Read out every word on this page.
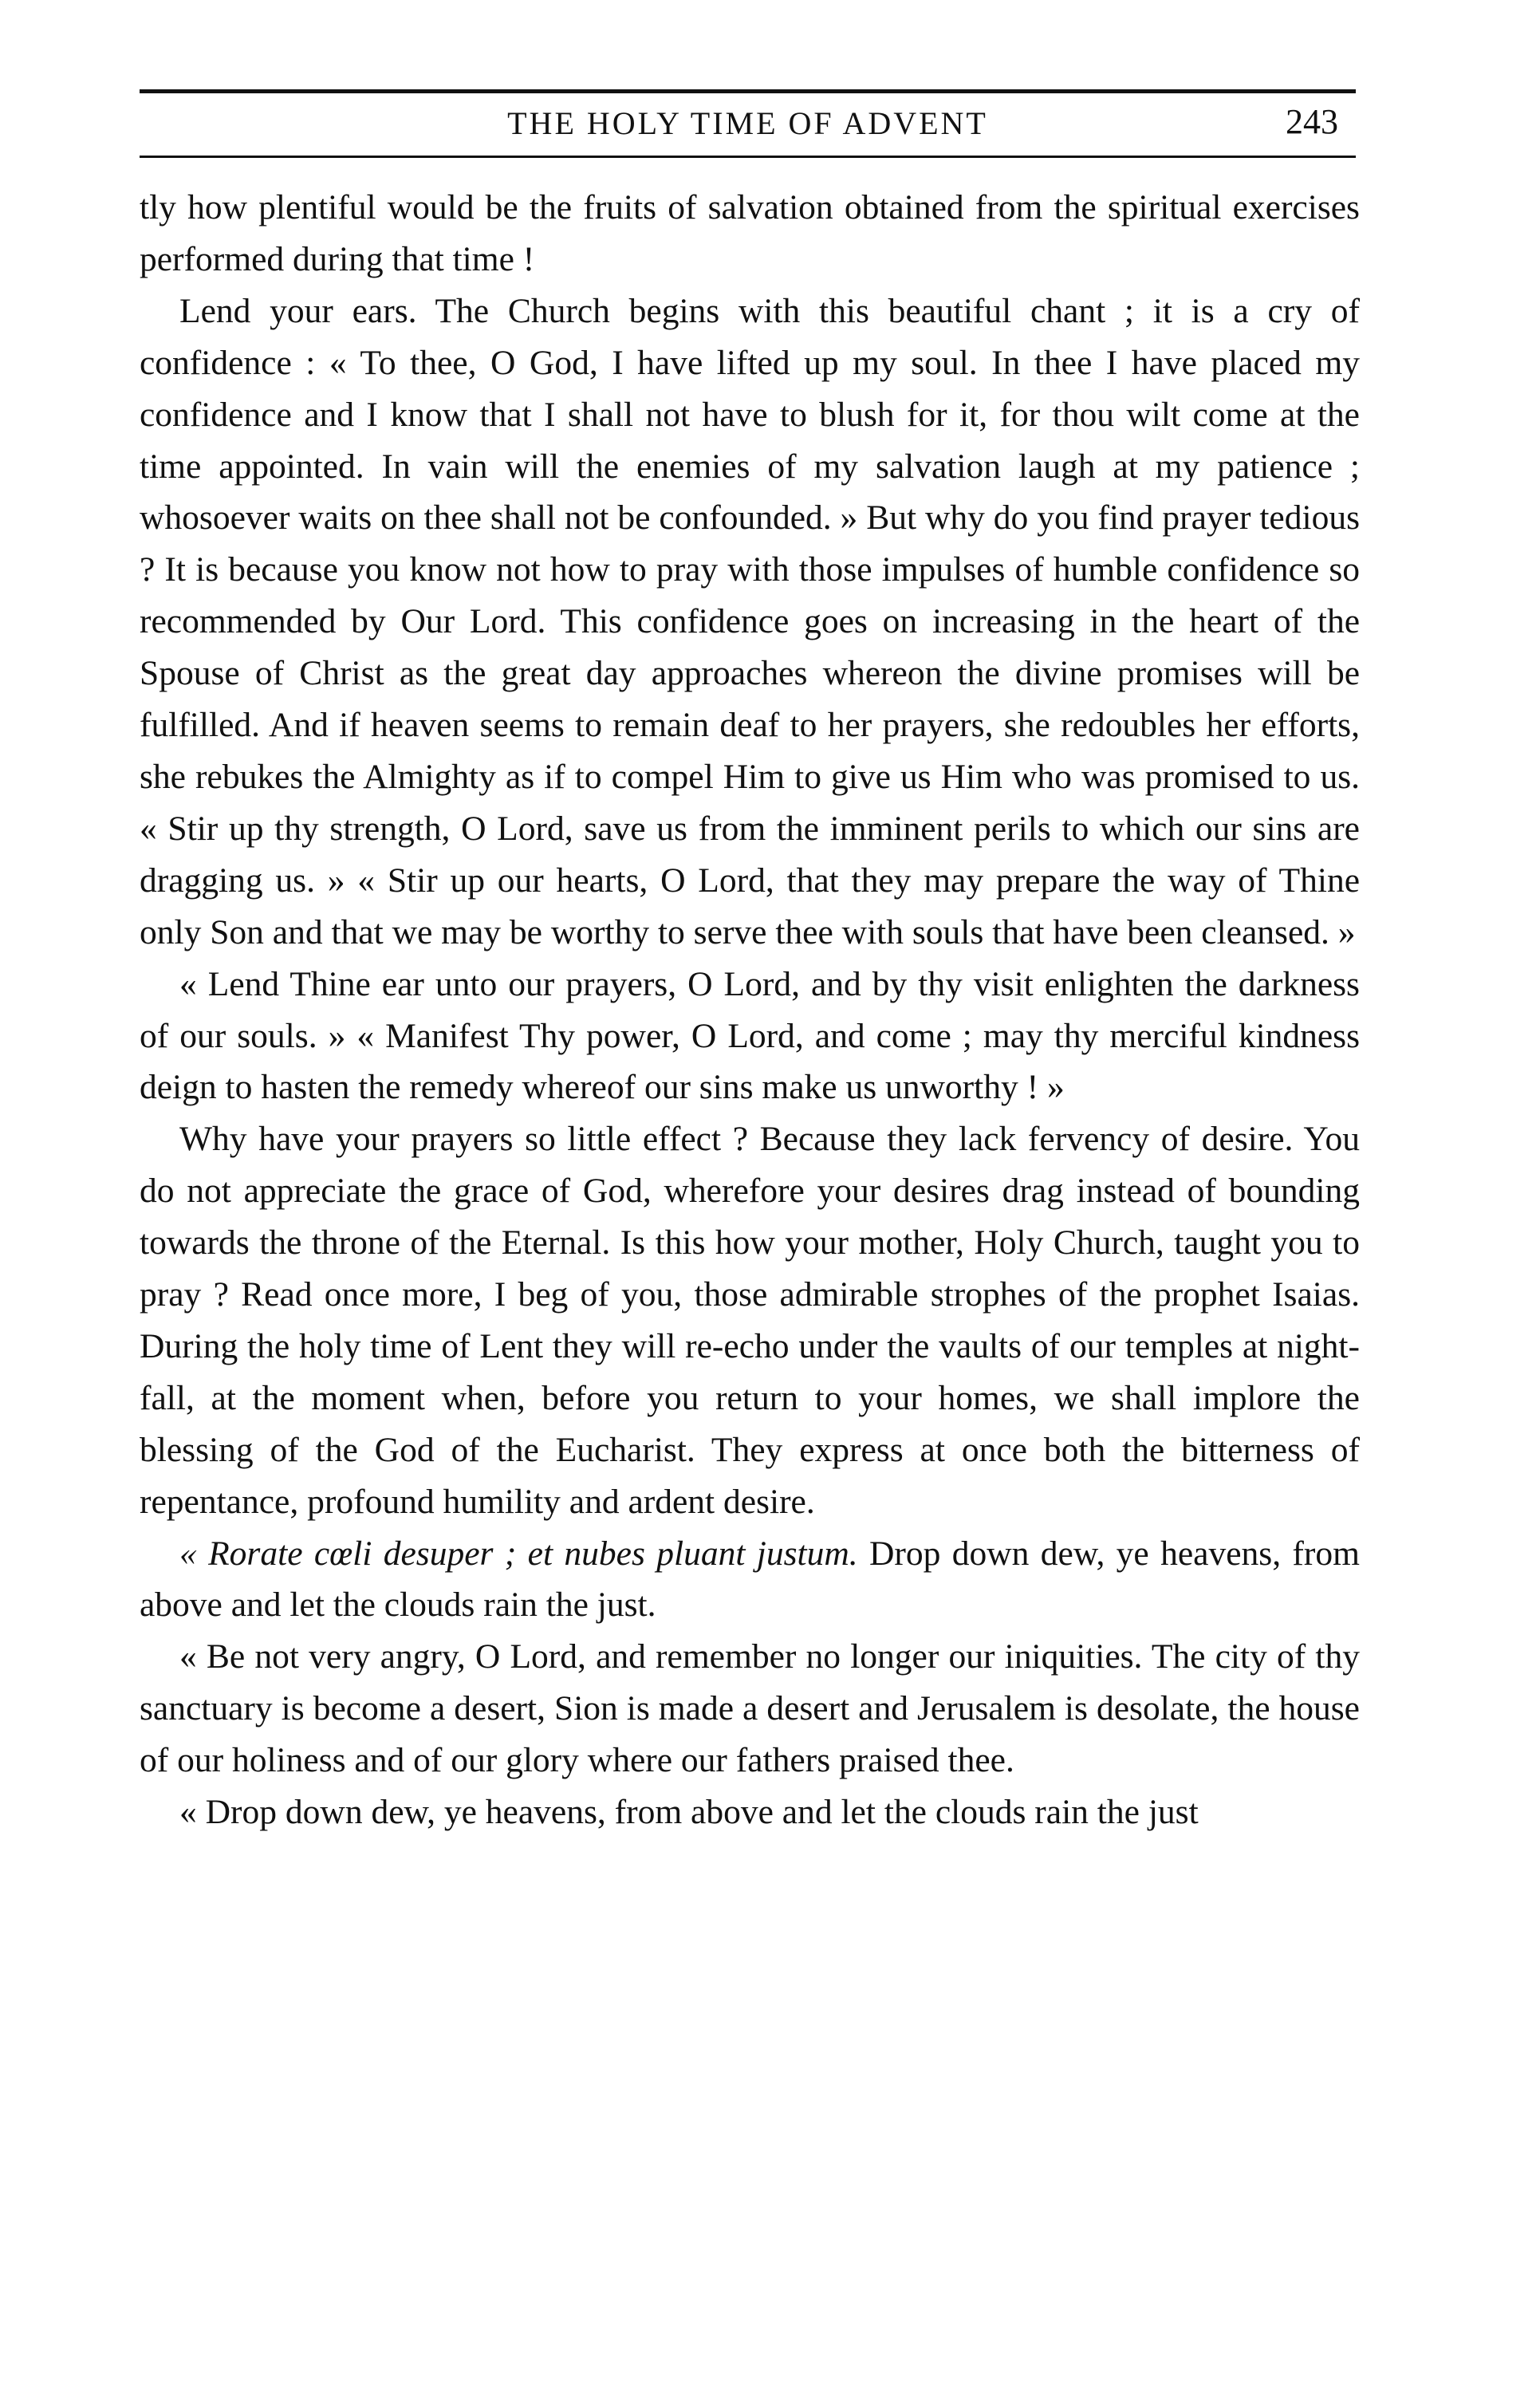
THE HOLY TIME OF ADVENT	243

tly how plentiful would be the fruits of salvation obtained from the spiritual exercises performed during that time !

Lend your ears. The Church begins with this beautiful chant ; it is a cry of confidence : « To thee, O God, I have lifted up my soul. In thee I have placed my confidence and I know that I shall not have to blush for it, for thou wilt come at the time appointed. In vain will the enemies of my salvation laugh at my patience ; whosoever waits on thee shall not be confounded. » But why do you find prayer tedious ? It is because you know not how to pray with those impulses of humble confidence so recommended by Our Lord. This confidence goes on increasing in the heart of the Spouse of Christ as the great day approaches whereon the divine promises will be fulfilled. And if heaven seems to remain deaf to her prayers, she redoubles her efforts, she rebukes the Almighty as if to compel Him to give us Him who was promised to us. « Stir up thy strength, O Lord, save us from the imminent perils to which our sins are dragging us. » « Stir up our hearts, O Lord, that they may prepare the way of Thine only Son and that we may be worthy to serve thee with souls that have been cleansed. »

« Lend Thine ear unto our prayers, O Lord, and by thy visit enlighten the darkness of our souls. » « Manifest Thy power, O Lord, and come ; may thy merciful kindness deign to hasten the remedy whereof our sins make us unworthy ! »

Why have your prayers so little effect ? Because they lack fervency of desire. You do not appreciate the grace of God, wherefore your desires drag instead of bounding towards the throne of the Eternal. Is this how your mother, Holy Church, taught you to pray ? Read once more, I beg of you, those admirable strophes of the prophet Isaias. During the holy time of Lent they will re-echo under the vaults of our temples at night-fall, at the moment when, before you return to your homes, we shall implore the blessing of the God of the Eucharist. They express at once both the bitterness of repentance, profound humility and ardent desire.

« Rorate cœli desuper ; et nubes pluant justum. Drop down dew, ye heavens, from above and let the clouds rain the just.

« Be not very angry, O Lord, and remember no longer our iniquities. The city of thy sanctuary is become a desert, Sion is made a desert and Jerusalem is desolate, the house of our holiness and of our glory where our fathers praised thee.

« Drop down dew, ye heavens, from above and let the clouds rain the just
